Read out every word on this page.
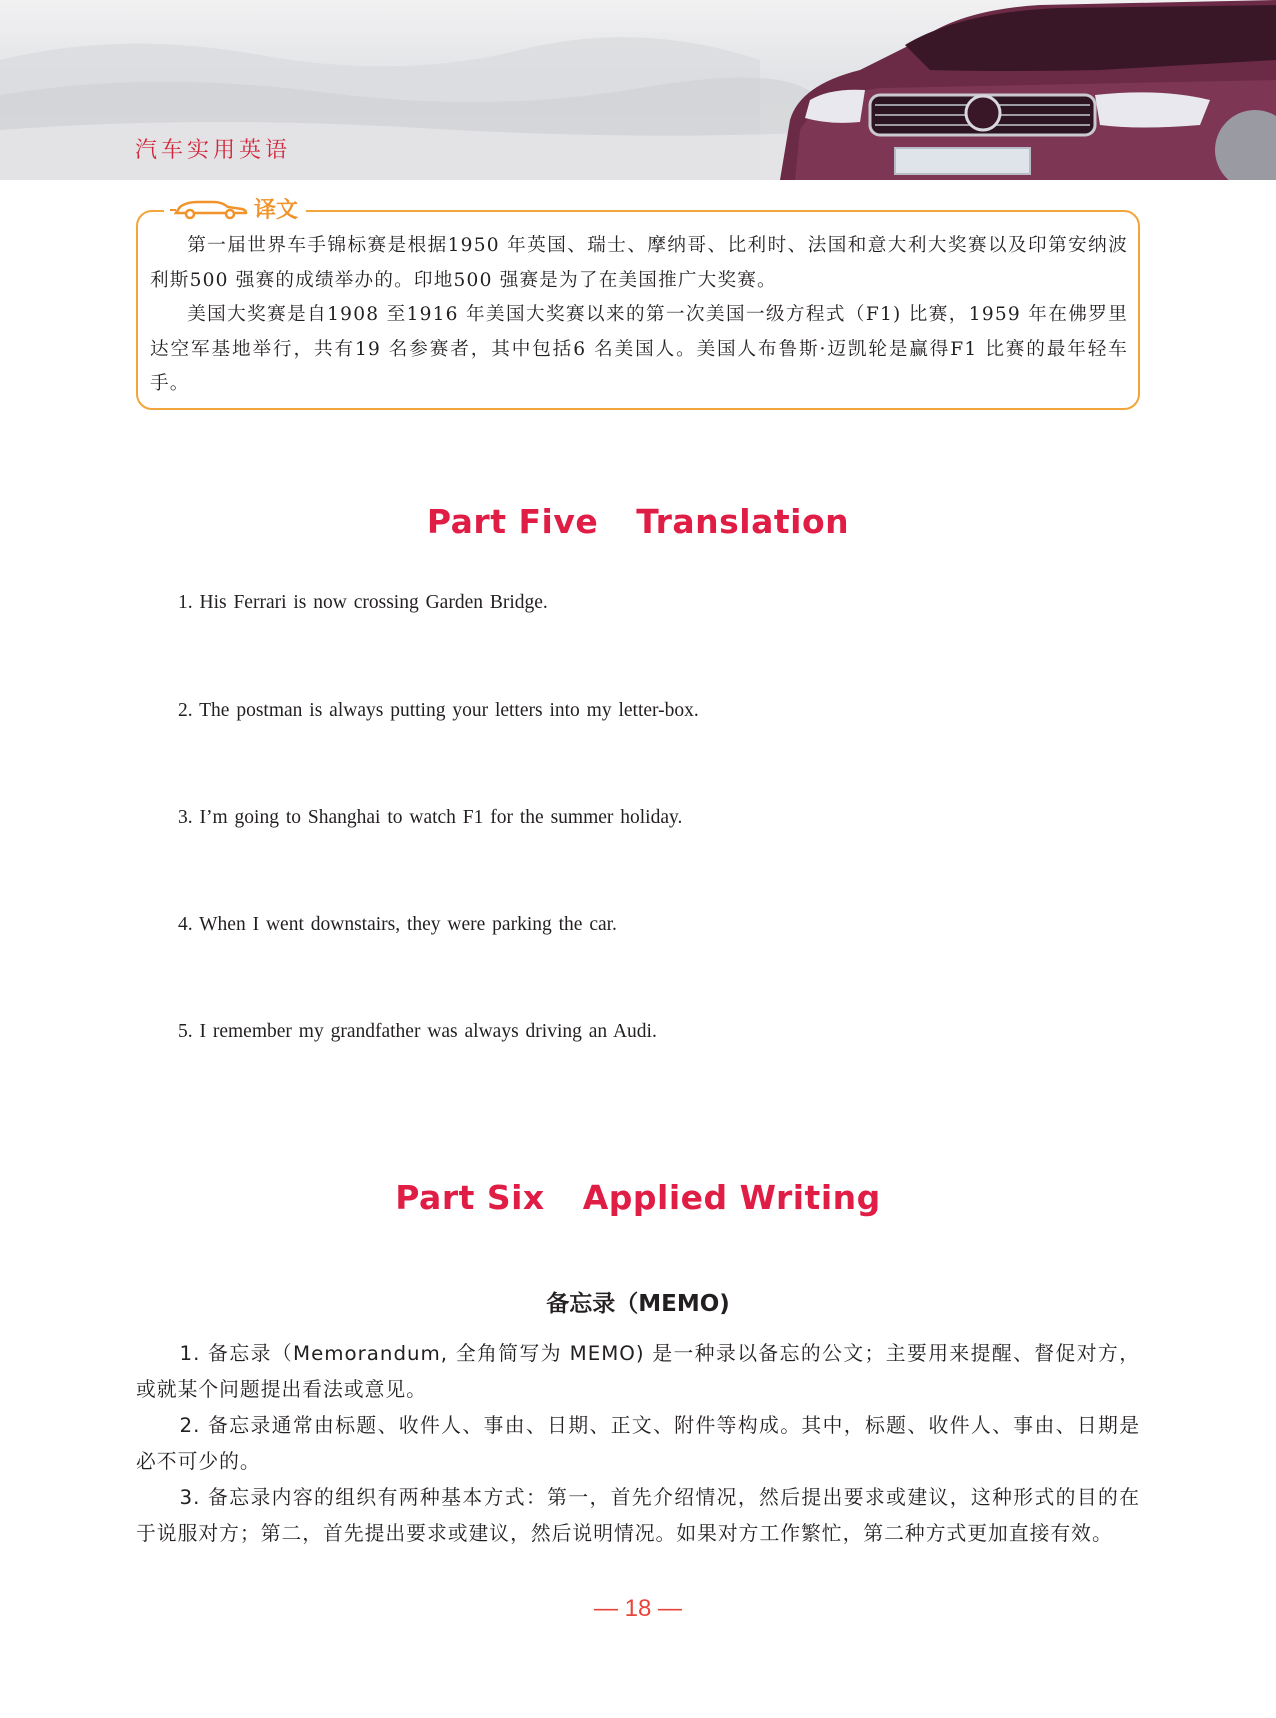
汽车实用英语
译文

第一届世界车手锦标赛是根据1950 年英国、瑞士、摩纳哥、比利时、法国和意大利大奖赛以及印第安纳波利斯500 强赛的成绩举办的。印地500 强赛是为了在美国推广大奖赛。

美国大奖赛是自1908 至1916 年美国大奖赛以来的第一次美国一级方程式（F1) 比赛，1959 年在佛罗里达空军基地举行，共有19 名参赛者，其中包括6 名美国人。美国人布鲁斯·迈凯轮是赢得F1 比赛的最年轻车手。

Part Five Translation
1. His Ferrari is now crossing Garden Bridge.
2. The postman is always putting your letters into my letter-box.
3. I’m going to Shanghai to watch F1 for the summer holiday.
4. When I went downstairs, they were parking the car.
5. I remember my grandfather was always driving an Audi.
Part Six Applied Writing
备忘录（MEMO)

1. 备忘录（Memorandum, 全角简写为 MEMO) 是一种录以备忘的公文；主要用来提醒、督促对方，或就某个问题提出看法或意见。

2. 备忘录通常由标题、收件人、事由、日期、正文、附件等构成。其中，标题、收件人、事由、日期是必不可少的。

3. 备忘录内容的组织有两种基本方式：第一，首先介绍情况，然后提出要求或建议，这种形式的目的在于说服对方；第二，首先提出要求或建议，然后说明情况。如果对方工作繁忙，第二种方式更加直接有效。

— 18 —
